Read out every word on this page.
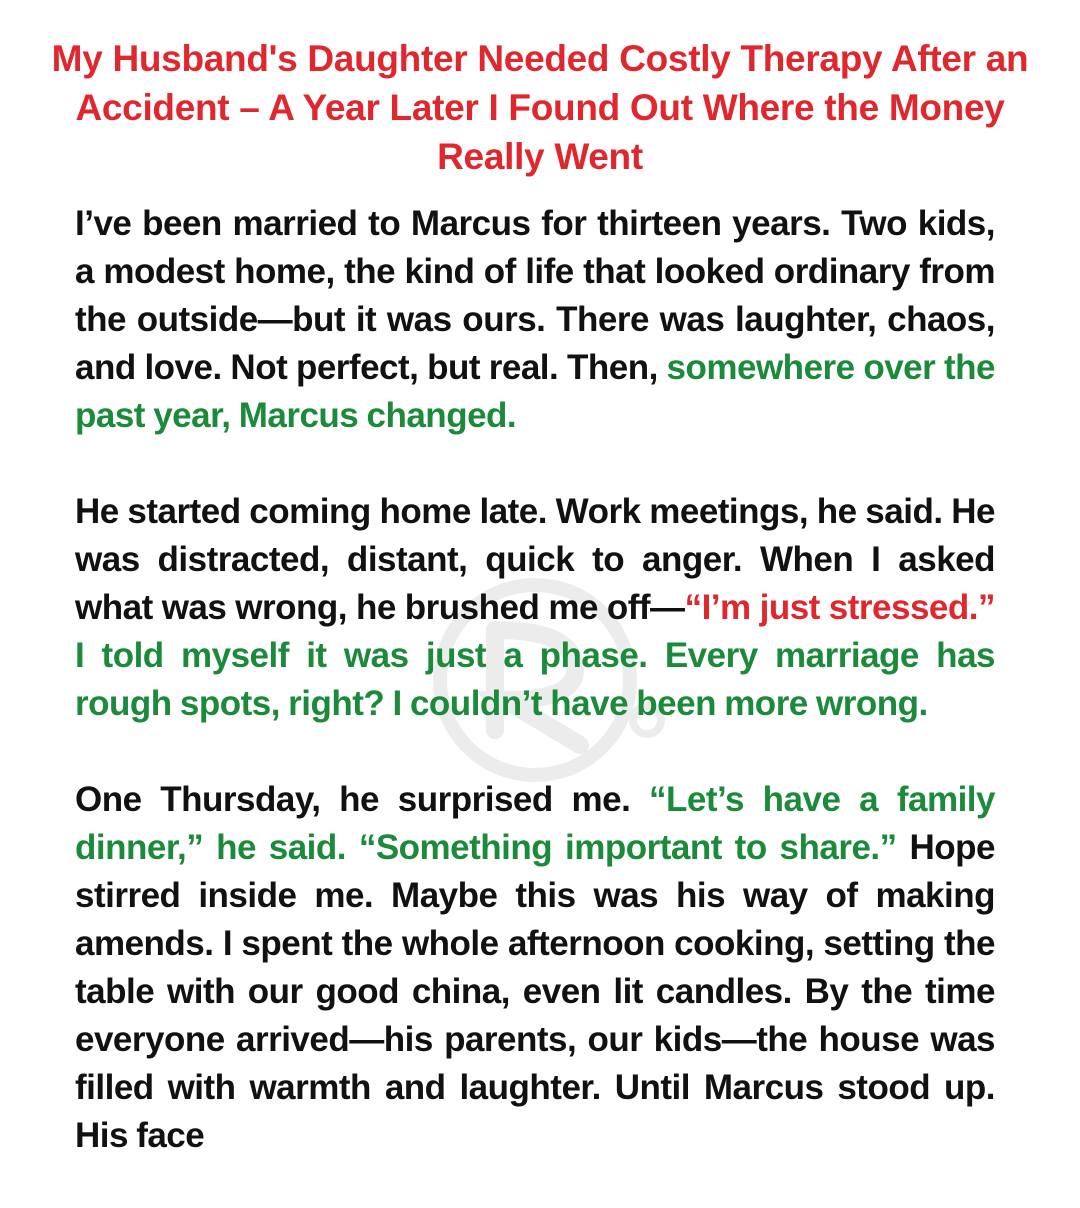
My Husband's Daughter Needed Costly Therapy After an Accident – A Year Later I Found Out Where the Money Really Went

I’ve been married to Marcus for thirteen years. Two kids, a modest home, the kind of life that looked ordinary from the outside—but it was ours. There was laughter, chaos, and love. Not perfect, but real. Then, somewhere over the past year, Marcus changed.

He started coming home late. Work meetings, he said. He was distracted, distant, quick to anger. When I asked what was wrong, he brushed me off—“I’m just stressed.” I told myself it was just a phase. Every marriage has rough spots, right? I couldn’t have been more wrong.

One Thursday, he surprised me. “Let’s have a family dinner,” he said. “Something important to share.” Hope stirred inside me. Maybe this was his way of making amends. I spent the whole afternoon cooking, setting the table with our good china, even lit candles. By the time everyone arrived—his parents, our kids—the house was filled with warmth and laughter. Until Marcus stood up. His face
